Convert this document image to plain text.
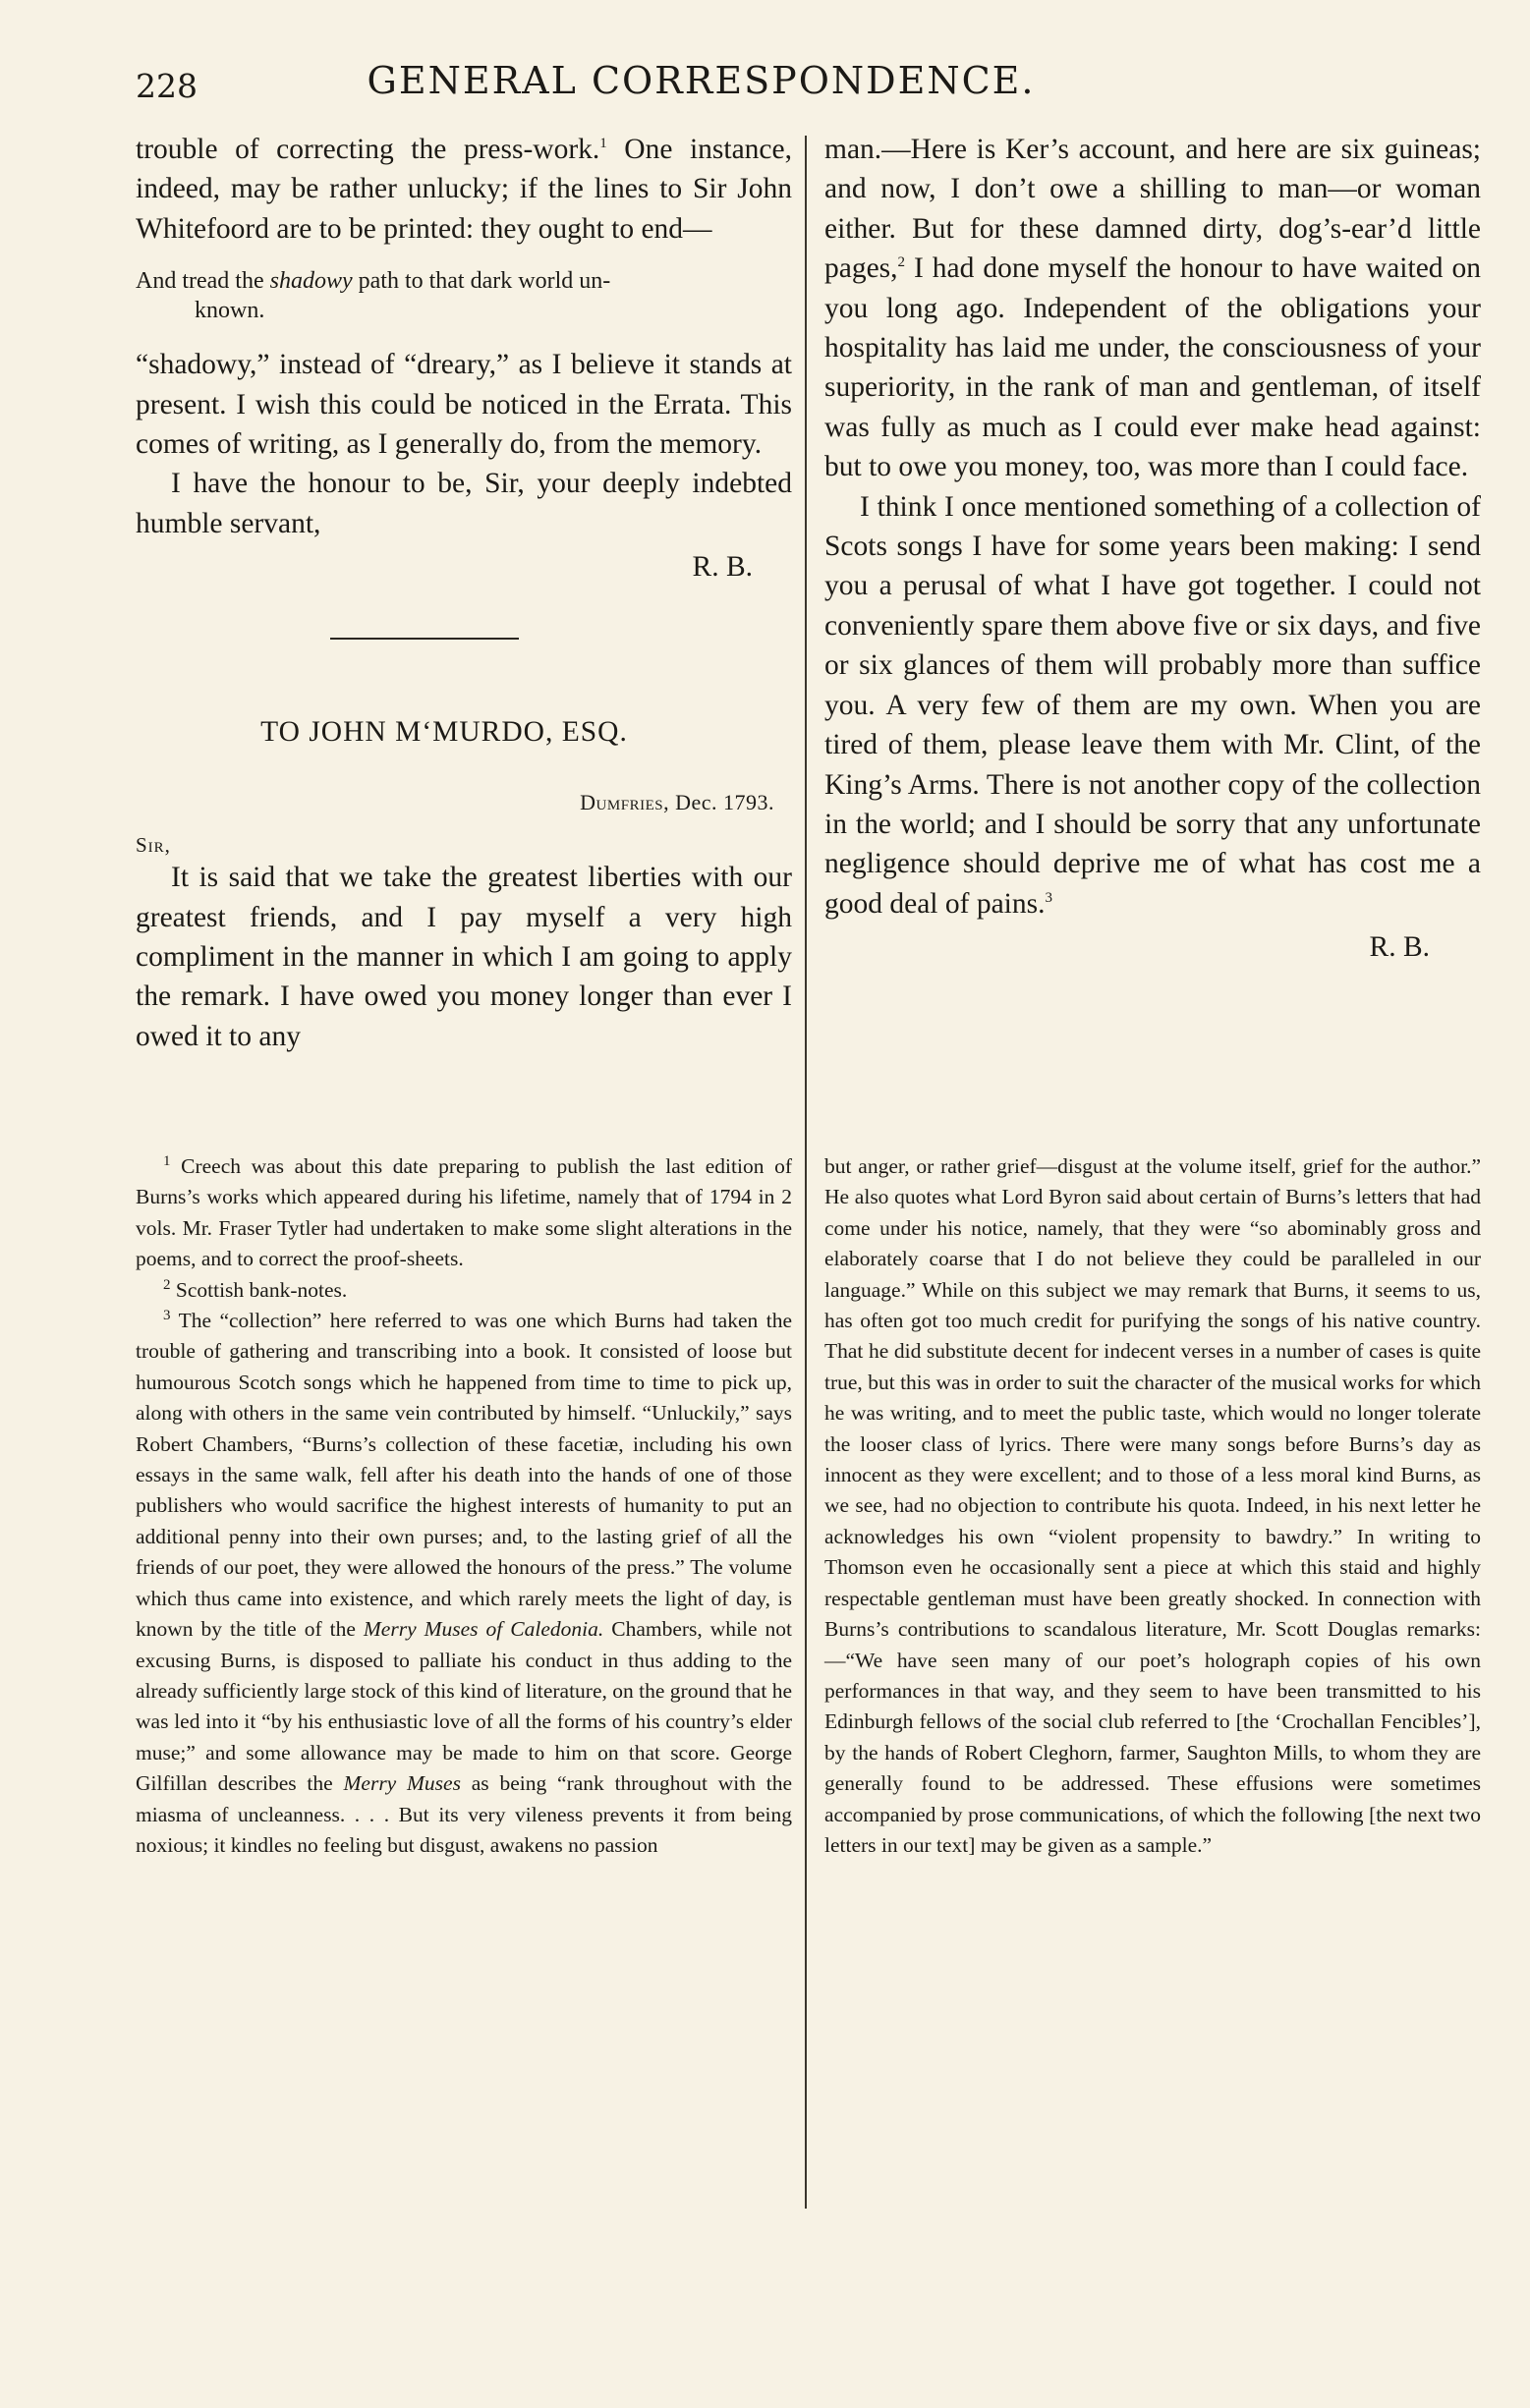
228	GENERAL CORRESPONDENCE.

trouble of correcting the press-work.$^1$ One instance, indeed, may be rather unlucky; if the lines to Sir John Whitefoord are to be printed: they ought to end—

And tread the shadowy path to that dark world un-
known.

“shadowy,” instead of “dreary,” as I believe it stands at present. I wish this could be noticed in the Errata. This comes of writing, as I generally do, from the memory.

I have the honour to be, Sir, your deeply indebted humble servant,

R. B.

TO JOHN M‘MURDO, ESQ.

Dumfries, Dec. 1793.

Sir,

It is said that we take the greatest liberties with our greatest friends, and I pay myself a very high compliment in the manner in which I am going to apply the remark. I have owed you money longer than ever I owed it to any

man.—Here is Ker’s account, and here are six guineas; and now, I don’t owe a shilling to man—or woman either. But for these damned dirty, dog’s-ear’d little pages,$^2$ I had done myself the honour to have waited on you long ago. Independent of the obligations your hospitality has laid me under, the consciousness of your superiority, in the rank of man and gentleman, of itself was fully as much as I could ever make head against: but to owe you money, too, was more than I could face.

I think I once mentioned something of a collection of Scots songs I have for some years been making: I send you a perusal of what I have got together. I could not conveniently spare them above five or six days, and five or six glances of them will probably more than suffice you. A very few of them are my own. When you are tired of them, please leave them with Mr. Clint, of the King’s Arms. There is not another copy of the collection in the world; and I should be sorry that any unfortunate negligence should deprive me of what has cost me a good deal of pains.$^3$

R. B.

$^1$ Creech was about this date preparing to publish the last edition of Burns’s works which appeared during his lifetime, namely that of 1794 in 2 vols. Mr. Fraser Tytler had undertaken to make some slight alterations in the poems, and to correct the proof-sheets.

$^2$ Scottish bank-notes.

$^3$ The “collection” here referred to was one which Burns had taken the trouble of gathering and transcribing into a book. It consisted of loose but humourous Scotch songs which he happened from time to time to pick up, along with others in the same vein contributed by himself. “Unluckily,” says Robert Chambers, “Burns’s collection of these facetiæ, including his own essays in the same walk, fell after his death into the hands of one of those publishers who would sacrifice the highest interests of humanity to put an additional penny into their own purses; and, to the lasting grief of all the friends of our poet, they were allowed the honours of the press.” The volume which thus came into existence, and which rarely meets the light of day, is known by the title of the Merry Muses of Caledonia. Chambers, while not excusing Burns, is disposed to palliate his conduct in thus adding to the already sufficiently large stock of this kind of literature, on the ground that he was led into it “by his enthusiastic love of all the forms of his country’s elder muse;” and some allowance may be made to him on that score. George Gilfillan describes the Merry Muses as being “rank throughout with the miasma of uncleanness. . . . But its very vileness prevents it from being noxious; it kindles no feeling but disgust, awakens no passion

but anger, or rather grief—disgust at the volume itself, grief for the author.” He also quotes what Lord Byron said about certain of Burns’s letters that had come under his notice, namely, that they were “so abominably gross and elaborately coarse that I do not believe they could be paralleled in our language.” While on this subject we may remark that Burns, it seems to us, has often got too much credit for purifying the songs of his native country. That he did substitute decent for indecent verses in a number of cases is quite true, but this was in order to suit the character of the musical works for which he was writing, and to meet the public taste, which would no longer tolerate the looser class of lyrics. There were many songs before Burns’s day as innocent as they were excellent; and to those of a less moral kind Burns, as we see, had no objection to contribute his quota. Indeed, in his next letter he acknowledges his own “violent propensity to bawdry.” In writing to Thomson even he occasionally sent a piece at which this staid and highly respectable gentleman must have been greatly shocked. In connection with Burns’s contributions to scandalous literature, Mr. Scott Douglas remarks:—“We have seen many of our poet’s holograph copies of his own performances in that way, and they seem to have been transmitted to his Edinburgh fellows of the social club referred to [the ‘Crochallan Fencibles’], by the hands of Robert Cleghorn, farmer, Saughton Mills, to whom they are generally found to be addressed. These effusions were sometimes accompanied by prose communications, of which the following [the next two letters in our text] may be given as a sample.”
